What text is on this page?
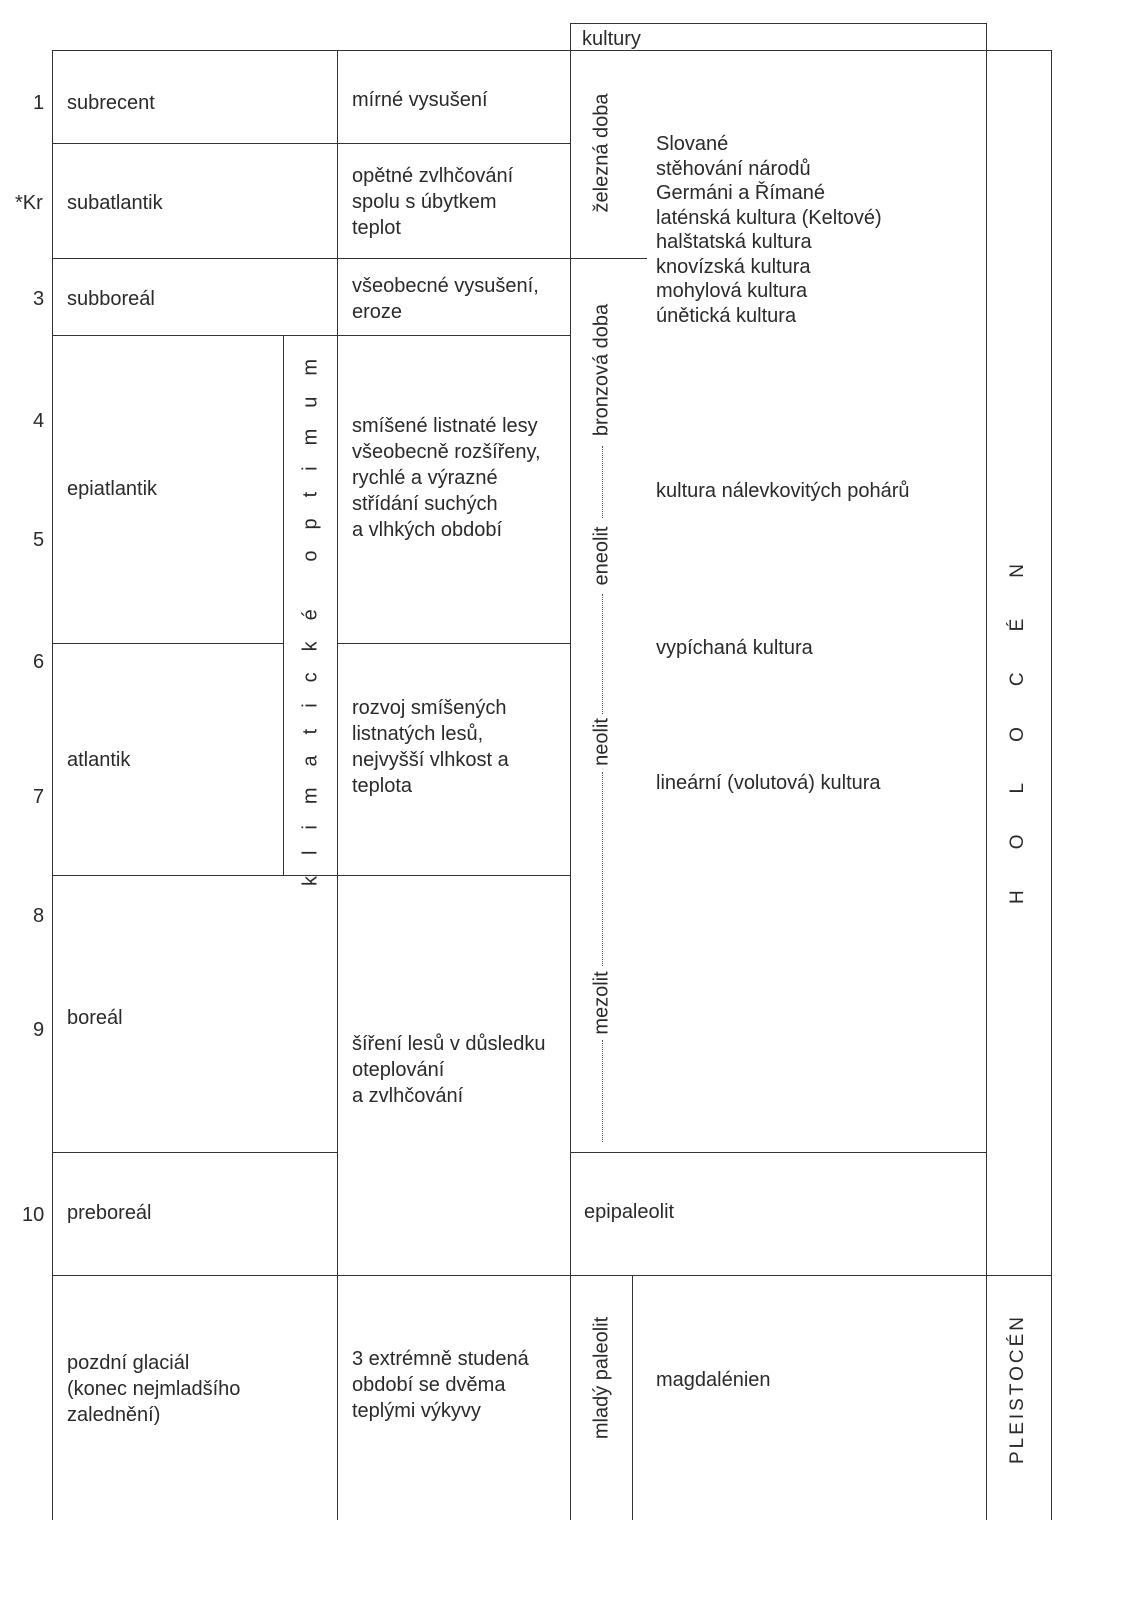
kultury
1
*Kr
3
4
5
6
7
8
9
10
subrecent
subatlantik
subboreál
epiatlantik
atlantik
boreál
preboreál
pozdní glaciál
(konec nejmladšího
zalednění)
klimatické optimum
mírné vysušení
opětné zvlhčování
spolu s úbytkem
teplot
všeobecné vysušení,
eroze
smíšené listnaté lesy
všeobecně rozšířeny,
rychlé a výrazné
střídání suchých
a vlhkých období
rozvoj smíšených
listnatých lesů,
nejvyšší vlhkost a
teplota
šíření lesů v důsledku
oteplování
a zvlhčování
3 extrémně studená
období se dvěma
teplými výkyvy
železná doba
bronzová doba
eneolit
neolit
mezolit
epipaleolit
mladý paleolit
Slované
stěhování národů
Germáni a Římané
laténská kultura (Keltové)
halštatská kultura
knovízská kultura
mohylová kultura
únětická kultura
kultura nálevkovitých pohárů
vypíchaná kultura
lineární (volutová) kultura
magdalénien
HOLOCÉN
PLEISTOCÉN
